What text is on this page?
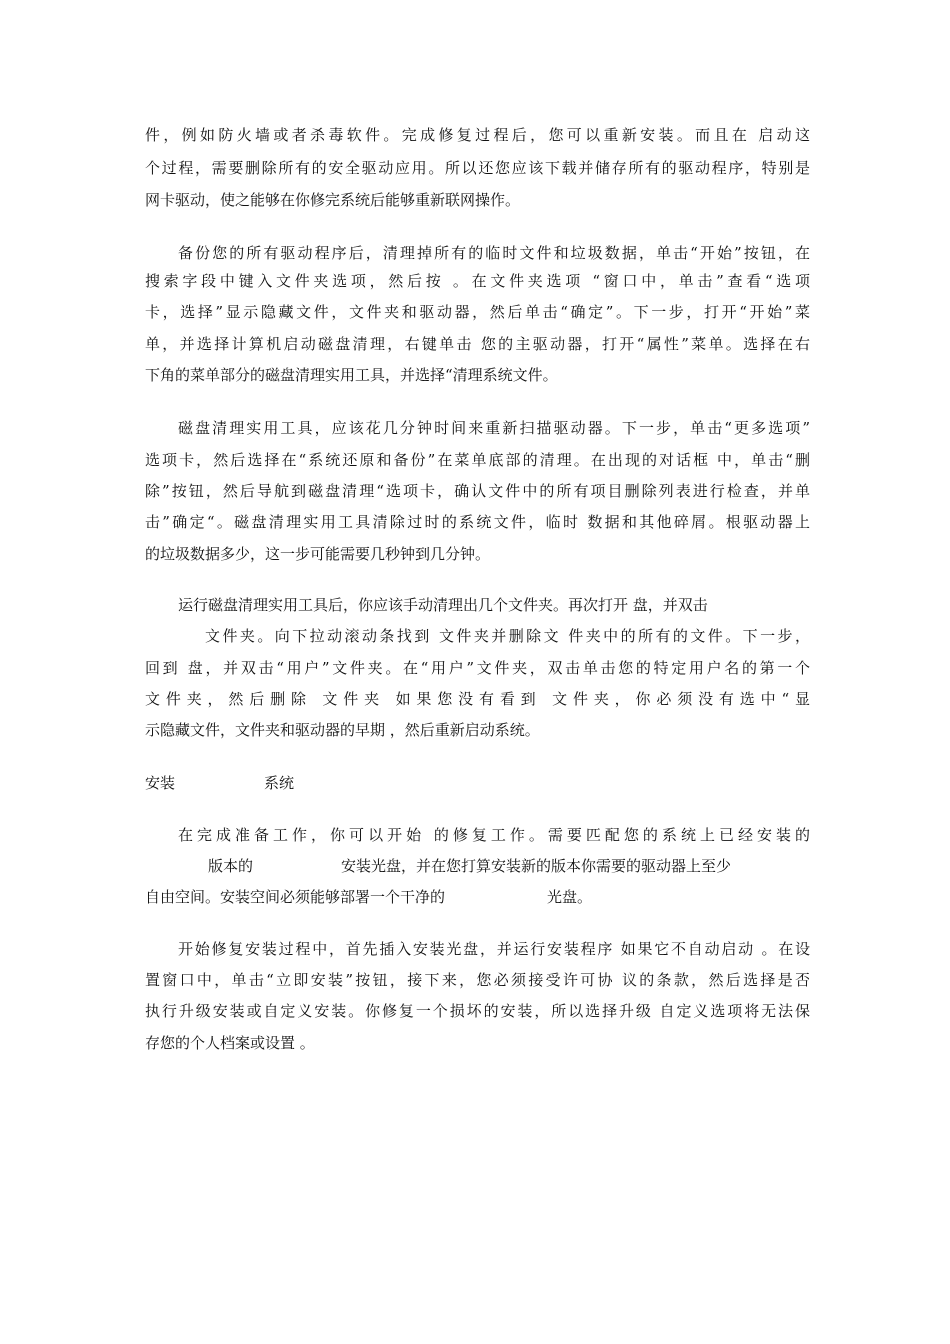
件，例如防火墙或者杀毒软件。完成修复过程后，您可以重新安装。而且在 启动这
个过程，需要删除所有的安全驱动应用。所以还您应该下载并储存所有的驱动程序，特别是
网卡驱动，使之能够在你修完系统后能够重新联网操作。
备份您的所有驱动程序后，清理掉所有的临时文件和垃圾数据，单击“开始”按钮，在
搜索字段中键入文件夹选项，然后按 。在文件夹选项 “窗口中，单击”查看“选项
卡，选择”显示隐藏文件，文件夹和驱动器，然后单击“确定”。下一步，打开“开始”菜
单，并选择计算机启动磁盘清理，右键单击 您的主驱动器，打开“属性”菜单。选择在右
下角的菜单部分的磁盘清理实用工具，并选择“清理系统文件。
磁盘清理实用工具，应该花几分钟时间来重新扫描驱动器。下一步，单击“更多选项”
选项卡，然后选择在“系统还原和备份”在菜单底部的清理。在出现的对话框 中，单击“删
除”按钮，然后导航到磁盘清理“选项卡，确认文件中的所有项目删除列表进行检查，并单
击”确定“。磁盘清理实用工具清除过时的系统文件，临时 数据和其他碎屑。根驱动器上
的垃圾数据多少，这一步可能需要几秒钟到几分钟。
运行磁盘清理实用工具后，你应该手动清理出几个文件夹。再次打开 盘，并双击
文件夹。向下拉动滚动条找到 文件夹并删除文 件夹中的所有的文件。下一步，
回到 盘，并双击“用户”文件夹。在“用户”文件夹，双击单击您的特定用户名的第一个
文件夹，然后删除 文件夹 如果您没有看到 文件夹，你必须没有选中“显
示隐藏文件，文件夹和驱动器的早期 ，然后重新启动系统。
安装	系统
在完成准备工作，你可以开始 的修复工作。需要匹配您的系统上已经安装的
版本的	安装光盘，并在您打算安装新的版本你需要的驱动器上至少
自由空间。安装空间必须能够部署一个干净的	光盘。
开始修复安装过程中，首先插入安装光盘，并运行安装程序 如果它不自动启动 。在设
置窗口中，单击“立即安装”按钮，接下来，您必须接受许可协 议的条款，然后选择是否
执行升级安装或自定义安装。你修复一个损坏的安装，所以选择升级 自定义选项将无法保
存您的个人档案或设置 。
